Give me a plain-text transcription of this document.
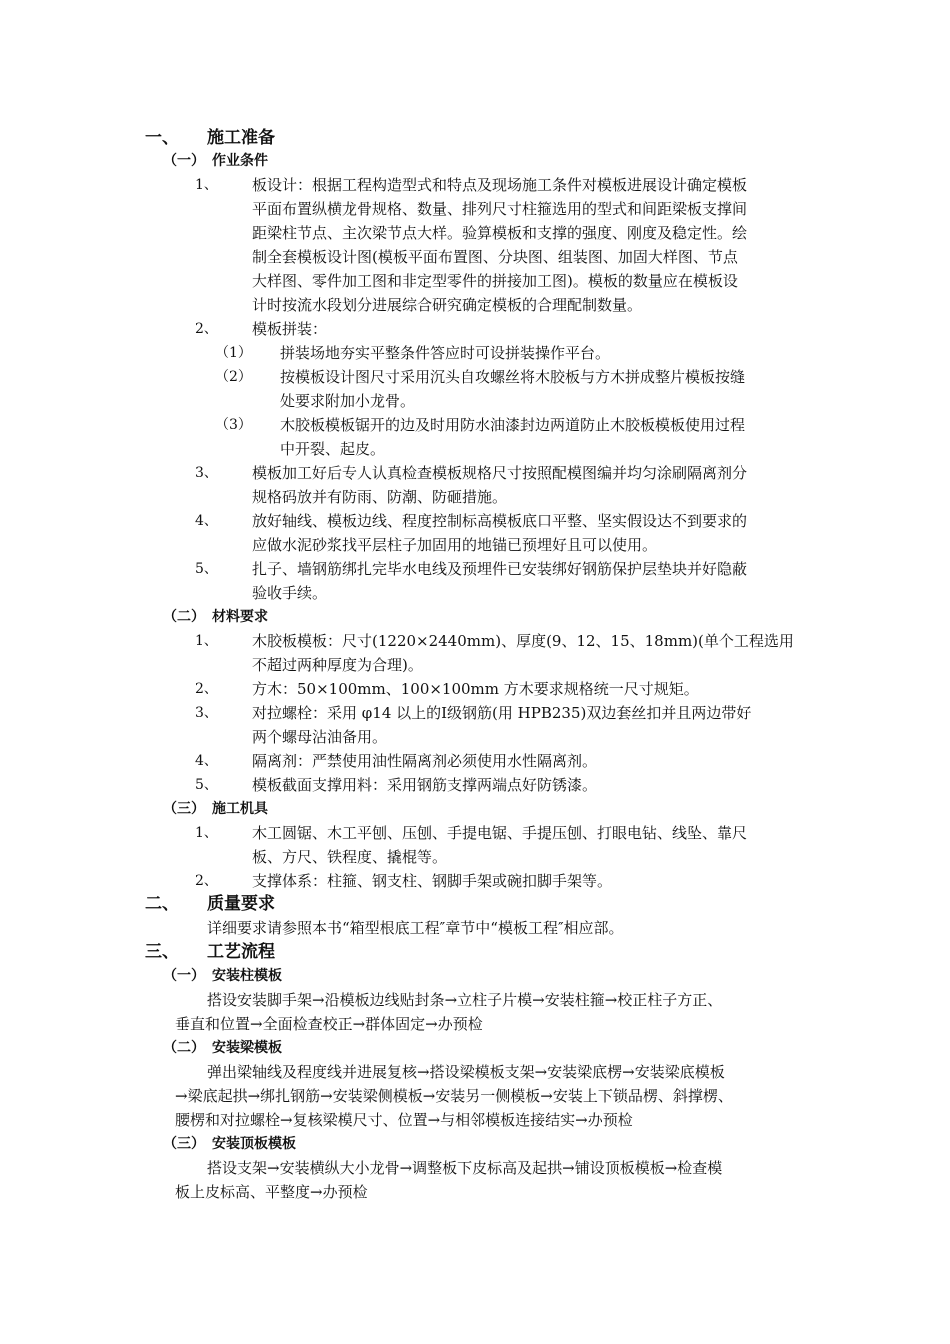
一、 施工准备
（一） 作业条件
1、 板设计：根据工程构造型式和特点及现场施工条件对模板进展设计确定模板
平面布置纵横龙骨规格、数量、排列尺寸柱箍选用的型式和间距梁板支撑间
距梁柱节点、主次梁节点大样。验算模板和支撑的强度、刚度及稳定性。绘
制全套模板设计图(模板平面布置图、分块图、组装图、加固大样图、节点
大样图、零件加工图和非定型零件的拼接加工图)。模板的数量应在模板设
计时按流水段划分进展综合研究确定模板的合理配制数量。
2、 模板拼装：
（1） 拼装场地夯实平整条件答应时可设拼装操作平台。
（2） 按模板设计图尺寸采用沉头自攻螺丝将木胶板与方木拼成整片模板按缝
处要求附加小龙骨。
（3） 木胶板模板锯开的边及时用防水油漆封边两道防止木胶板模板使用过程
中开裂、起皮。
3、 模板加工好后专人认真检查模板规格尺寸按照配模图编并均匀涂刷隔离剂分
规格码放并有防雨、防潮、防砸措施。
4、 放好轴线、模板边线、程度控制标高模板底口平整、坚实假设达不到要求的
应做水泥砂浆找平层柱子加固用的地锚已预埋好且可以使用。
5、 扎子、墙钢筋绑扎完毕水电线及预埋件已安装绑好钢筋保护层垫块并好隐蔽
验收手续。
（二） 材料要求
1、 木胶板模板：尺寸(1220×2440mm)、厚度(9、12、15、18mm)(单个工程选用
不超过两种厚度为合理)。
2、 方木：50×100mm、100×100mm 方木要求规格统一尺寸规矩。
3、 对拉螺栓：采用 φ14 以上的Ⅰ级钢筋(用 HPB235)双边套丝扣并且两边带好
两个螺母沾油备用。
4、 隔离剂：严禁使用油性隔离剂必须使用水性隔离剂。
5、 模板截面支撑用料：采用钢筋支撑两端点好防锈漆。
（三） 施工机具
1、 木工圆锯、木工平刨、压刨、手提电锯、手提压刨、打眼电钻、线坠、靠尺
板、方尺、铁程度、撬棍等。
2、 支撑体系：柱箍、钢支柱、钢脚手架或碗扣脚手架等。
二、 质量要求
详细要求请参照本书“箱型根底工程″章节中“模板工程″相应部。
三、 工艺流程
（一） 安装柱模板
搭设安装脚手架→沿模板边线贴封条→立柱子片模→安装柱箍→校正柱子方正、
垂直和位置→全面检查校正→群体固定→办预检
（二） 安装梁模板
弹出梁轴线及程度线并进展复核→搭设梁模板支架→安装梁底楞→安装梁底模板
→梁底起拱→绑扎钢筋→安装梁侧模板→安装另一侧模板→安装上下锁品楞、斜撑楞、
腰楞和对拉螺栓→复核梁模尺寸、位置→与相邻模板连接结实→办预检
（三） 安装顶板模板
搭设支架→安装横纵大小龙骨→调整板下皮标高及起拱→铺设顶板模板→检查模
板上皮标高、平整度→办预检
